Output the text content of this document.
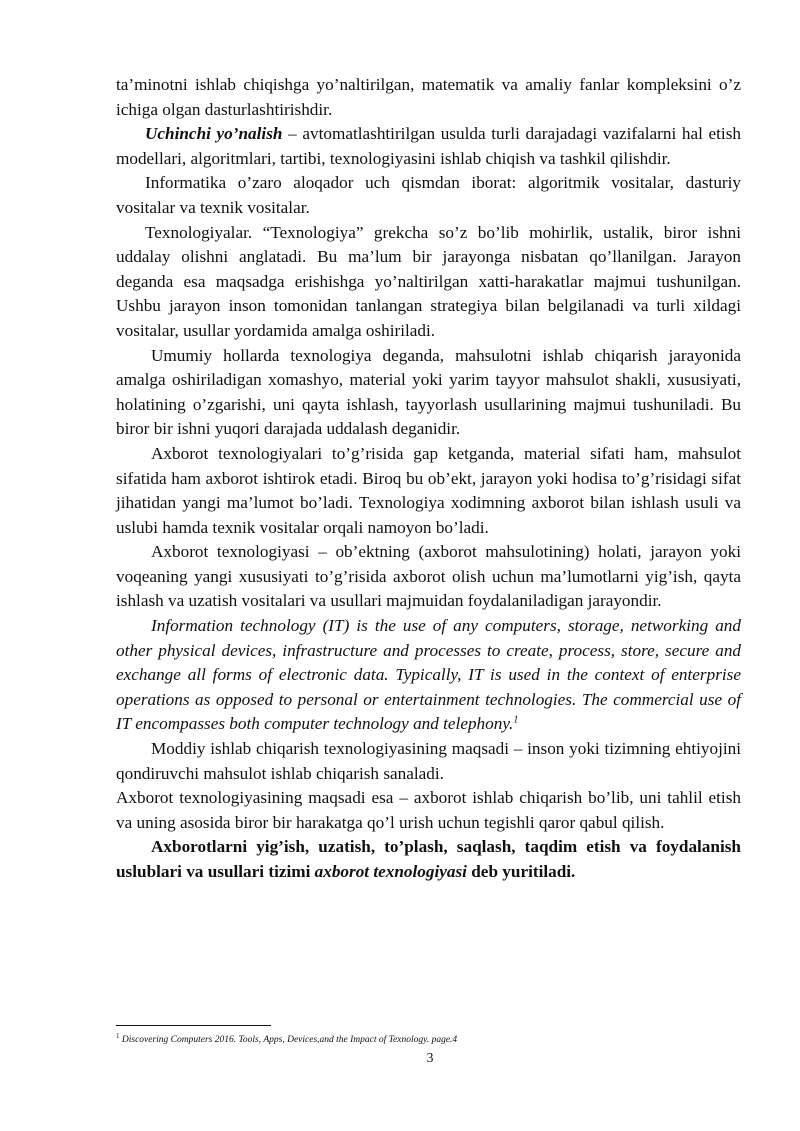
ta’minotni ishlab chiqishga yo’naltirilgan, matematik va amaliy fanlar kompleksini o’z ichiga olgan dasturlashtirishdir.

Uchinchi yo’nalish – avtomatlashtirilgan usulda turli darajadagi vazifalarni hal etish modellari, algoritmlari, tartibi, texnologiyasini ishlab chiqish va tashkil qilishdir.

Informatika o’zaro aloqador uch qismdan iborat: algoritmik vositalar, dasturiy vositalar va texnik vositalar.

Texnologiyalar. “Texnologiya” grekcha so’z bo’lib mohirlik, ustalik, biror ishni uddalay olishni anglatadi. Bu ma’lum bir jarayonga nisbatan qo’llanilgan. Jarayon deganda esa maqsadga erishishga yo’naltirilgan xatti-harakatlar majmui tushunilgan. Ushbu jarayon inson tomonidan tanlangan strategiya bilan belgilanadi va turli xildagi vositalar, usullar yordamida amalga oshiriladi.

Umumiy hollarda texnologiya deganda, mahsulotni ishlab chiqarish jarayonida amalga oshiriladigan xomashyo, material yoki yarim tayyor mahsulot shakli, xususiyati, holatining o’zgarishi, uni qayta ishlash, tayyorlash usullarining majmui tushuniladi. Bu biror bir ishni yuqori darajada uddalash deganidir.

Axborot texnologiyalari to’g’risida gap ketganda, material sifati ham, mahsulot sifatida ham axborot ishtirok etadi. Biroq bu ob’ekt, jarayon yoki hodisa to’g’risidagi sifat jihatidan yangi ma’lumot bo’ladi. Texnologiya xodimning axborot bilan ishlash usuli va uslubi hamda texnik vositalar orqali namoyon bo’ladi.

Axborot texnologiyasi – ob’ektning (axborot mahsulotining) holati, jarayon yoki voqeaning yangi xususiyati to’g’risida axborot olish uchun ma’lumotlarni yig’ish, qayta ishlash va uzatish vositalari va usullari majmuidan foydalaniladigan jarayondir.

Information technology (IT) is the use of any computers, storage, networking and other physical devices, infrastructure and processes to create, process, store, secure and exchange all forms of electronic data. Typically, IT is used in the context of enterprise operations as opposed to personal or entertainment technologies. The commercial use of IT encompasses both computer technology and telephony.$^1$

Moddiy ishlab chiqarish texnologiyasining maqsadi – inson yoki tizimning ehtiyojini qondiruvchi mahsulot ishlab chiqarish sanaladi.

Axborot texnologiyasining maqsadi esa – axborot ishlab chiqarish bo’lib, uni tahlil etish va uning asosida biror bir harakatga qo’l urish uchun tegishli qaror qabul qilish.

Axborotlarni yig’ish, uzatish, to’plash, saqlash, taqdim etish va foydalanish uslublari va usullari tizimi axborot texnologiyasi deb yuritiladi.

$^1$ Discovering Computers 2016. Tools, Apps, Devices,and the Impact of Texnology. page.4
3
